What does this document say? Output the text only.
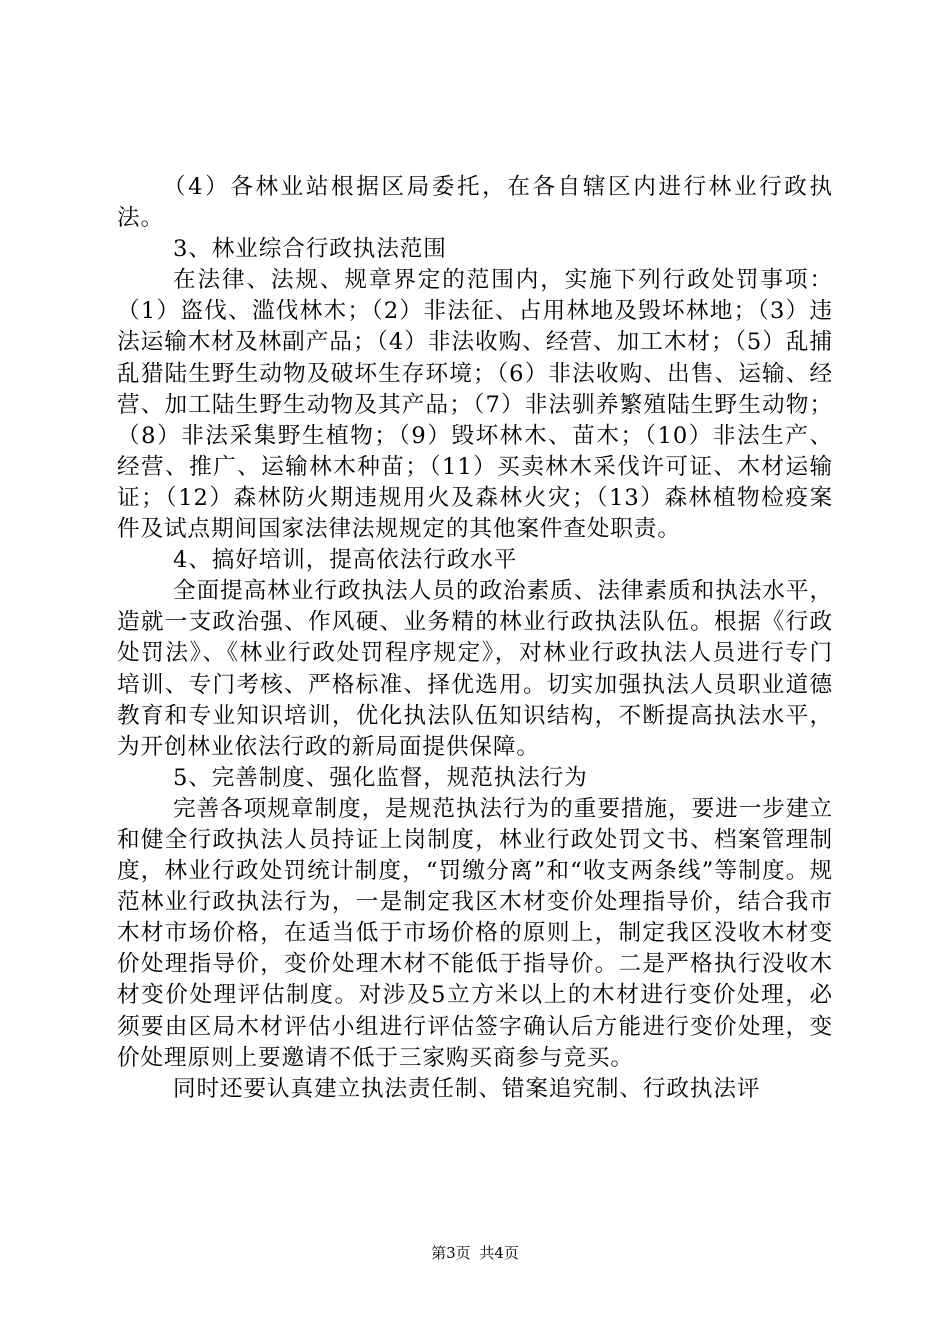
（4）各林业站根据区局委托，在各自辖区内进行林业行政执法。

3、林业综合行政执法范围

在法律、法规、规章界定的范围内，实施下列行政处罚事项：（1）盗伐、滥伐林木；（2）非法征、占用林地及毁坏林地；（3）违法运输木材及林副产品；（4）非法收购、经营、加工木材；（5）乱捕乱猎陆生野生动物及破坏生存环境；（6）非法收购、出售、运输、经营、加工陆生野生动物及其产品；（7）非法驯养繁殖陆生野生动物；（8）非法采集野生植物；（9）毁坏林木、苗木；（10）非法生产、经营、推广、运输林木种苗；（11）买卖林木采伐许可证、木材运输证；（12）森林防火期违规用火及森林火灾；（13）森林植物检疫案件及试点期间国家法律法规规定的其他案件查处职责。

4、搞好培训，提高依法行政水平

全面提高林业行政执法人员的政治素质、法律素质和执法水平，造就一支政治强、作风硬、业务精的林业行政执法队伍。根据《行政处罚法》、《林业行政处罚程序规定》，对林业行政执法人员进行专门培训、专门考核、严格标准、择优选用。切实加强执法人员职业道德教育和专业知识培训，优化执法队伍知识结构，不断提高执法水平，为开创林业依法行政的新局面提供保障。

5、完善制度、强化监督，规范执法行为

完善各项规章制度，是规范执法行为的重要措施，要进一步建立和健全行政执法人员持证上岗制度，林业行政处罚文书、档案管理制度，林业行政处罚统计制度，“罚缴分离”和“收支两条线”等制度。规范林业行政执法行为，一是制定我区木材变价处理指导价，结合我市木材市场价格，在适当低于市场价格的原则上，制定我区没收木材变价处理指导价，变价处理木材不能低于指导价。二是严格执行没收木材变价处理评估制度。对涉及5立方米以上的木材进行变价处理，必须要由区局木材评估小组进行评估签字确认后方能进行变价处理，变价处理原则上要邀请不低于三家购买商参与竞买。

同时还要认真建立执法责任制、错案追究制、行政执法评

第3页 共4页
